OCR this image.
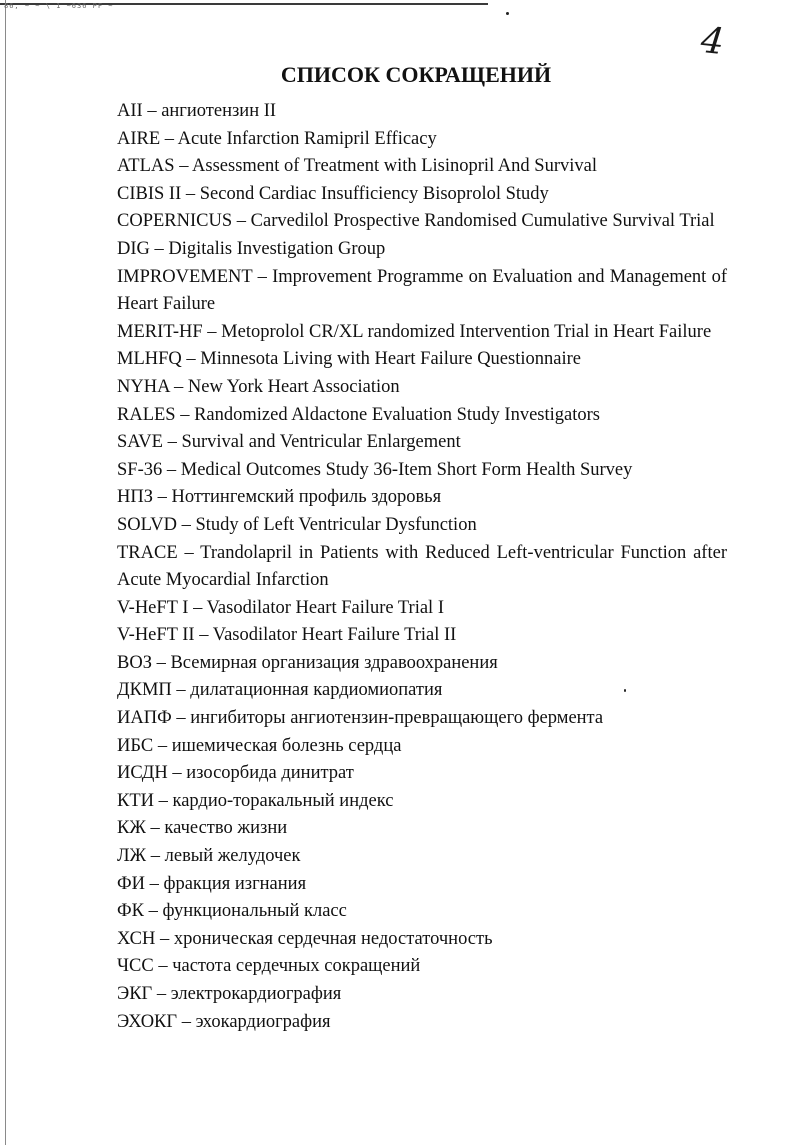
86, ~ ~ \ 1 ~636 PF ~
4
СПИСОК СОКРАЩЕНИЙ
AII – ангиотензин II
AIRE – Acute Infarction Ramipril Efficacy
ATLAS – Assessment of Treatment with Lisinopril And Survival
CIBIS II – Second Cardiac Insufficiency Bisoprolol Study
COPERNICUS – Carvedilol Prospective Randomised Cumulative Survival Trial
DIG – Digitalis Investigation Group
IMPROVEMENT – Improvement Programme on Evaluation and Management of Heart Failure
MERIT-HF – Metoprolol CR/XL randomized Intervention Trial in Heart Failure
MLHFQ – Minnesota Living with Heart Failure Questionnaire
NYHA – New York Heart Association
RALES – Randomized Aldactone Evaluation Study Investigators
SAVE – Survival and Ventricular Enlargement
SF-36 – Medical Outcomes Study 36-Item Short Form Health Survey
НПЗ – Ноттингемский профиль здоровья
SOLVD – Study of Left Ventricular Dysfunction
TRACE – Trandolapril in Patients with Reduced Left-ventricular Function after Acute Myocardial Infarction
V-HeFT I – Vasodilator Heart Failure Trial I
V-HeFT II – Vasodilator Heart Failure Trial II
ВОЗ – Всемирная организация здравоохранения
ДКМП – дилатационная кардиомиопатия
ИАПФ – ингибиторы ангиотензин-превращающего фермента
ИБС – ишемическая болезнь сердца
ИСДН – изосорбида динитрат
КТИ – кардио-торакальный индекс
КЖ – качество жизни
ЛЖ – левый желудочек
ФИ – фракция изгнания
ФК – функциональный класс
ХСН – хроническая сердечная недостаточность
ЧСС – частота сердечных сокращений
ЭКГ – электрокардиография
ЭХОКГ – эхокардиография
